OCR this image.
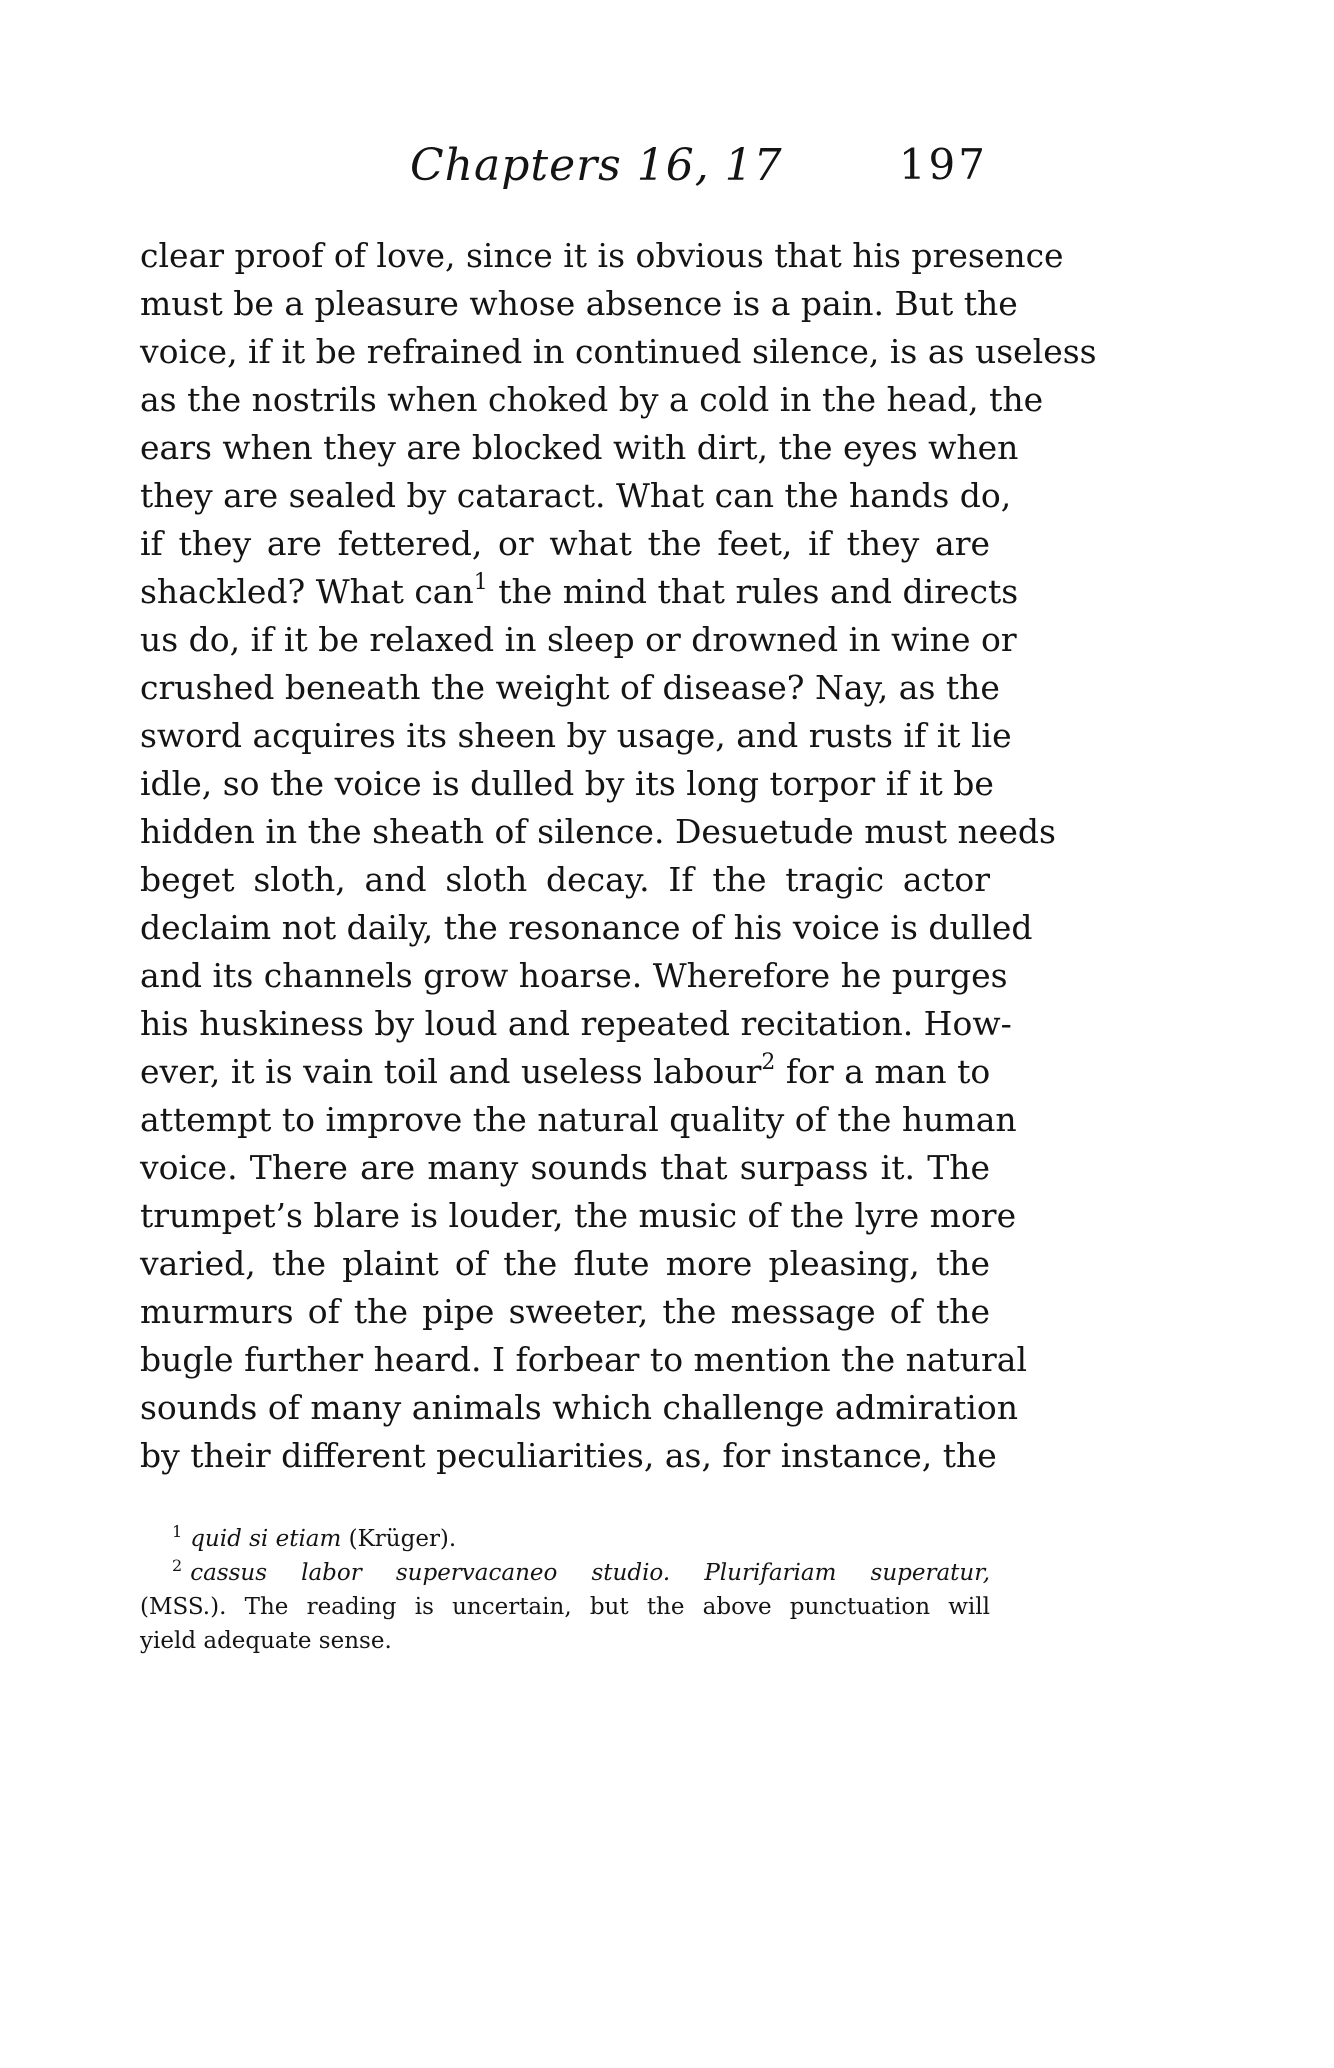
Chapters 16, 17	197
clear proof of love, since it is obvious that his presence
must be a pleasure whose absence is a pain. But the
voice, if it be refrained in continued silence, is as useless
as the nostrils when choked by a cold in the head, the
ears when they are blocked with dirt, the eyes when
they are sealed by cataract. What can the hands do,
if they are fettered, or what the feet, if they are
shackled? What can$^1$ the mind that rules and directs
us do, if it be relaxed in sleep or drowned in wine or
crushed beneath the weight of disease? Nay, as the
sword acquires its sheen by usage, and rusts if it lie
idle, so the voice is dulled by its long torpor if it be
hidden in the sheath of silence. Desuetude must needs
beget sloth, and sloth decay. If the tragic actor
declaim not daily, the resonance of his voice is dulled
and its channels grow hoarse. Wherefore he purges
his huskiness by loud and repeated recitation. How-
ever, it is vain toil and useless labour$^2$ for a man to
attempt to improve the natural quality of the human
voice. There are many sounds that surpass it. The
trumpet’s blare is louder, the music of the lyre more
varied, the plaint of the flute more pleasing, the
murmurs of the pipe sweeter, the message of the
bugle further heard. I forbear to mention the natural
sounds of many animals which challenge admiration
by their different peculiarities, as, for instance, the
$^1$ quid si etiam (Krüger).
$^2$ cassus labor supervacaneo studio. Plurifariam superatur,
(MSS.). The reading is uncertain, but the above punctuation will
yield adequate sense.
